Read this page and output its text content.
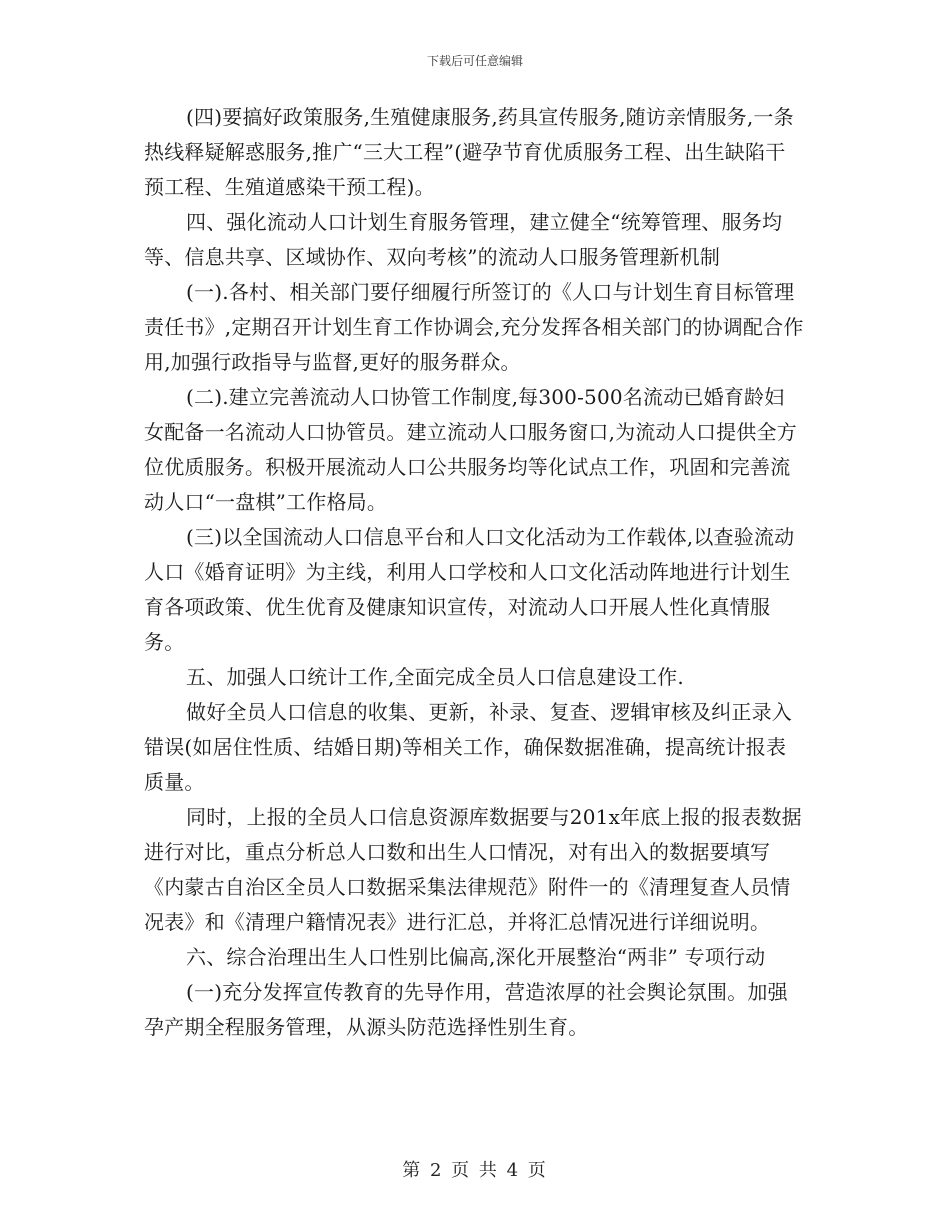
下载后可任意编辑

(四)要搞好政策服务,生殖健康服务,药具宣传服务,随访亲情服务,一条热线释疑解惑服务,推广“三大工程”(避孕节育优质服务工程、出生缺陷干预工程、生殖道感染干预工程)。

四、强化流动人口计划生育服务管理，建立健全“统筹管理、服务均等、信息共享、区域协作、双向考核”的流动人口服务管理新机制

(一).各村、相关部门要仔细履行所签订的《人口与计划生育目标管理责任书》,定期召开计划生育工作协调会,充分发挥各相关部门的协调配合作用,加强行政指导与监督,更好的服务群众。

(二).建立完善流动人口协管工作制度,每300-500名流动已婚育龄妇女配备一名流动人口协管员。建立流动人口服务窗口,为流动人口提供全方位优质服务。积极开展流动人口公共服务均等化试点工作，巩固和完善流动人口“一盘棋”工作格局。

(三)以全国流动人口信息平台和人口文化活动为工作载体,以查验流动人口《婚育证明》为主线，利用人口学校和人口文化活动阵地进行计划生育各项政策、优生优育及健康知识宣传，对流动人口开展人性化真情服务。

五、加强人口统计工作,全面完成全员人口信息建设工作.

做好全员人口信息的收集、更新，补录、复查、逻辑审核及纠正录入错误(如居住性质、结婚日期)等相关工作，确保数据准确，提高统计报表质量。

同时，上报的全员人口信息资源库数据要与201x年底上报的报表数据进行对比，重点分析总人口数和出生人口情况，对有出入的数据要填写《内蒙古自治区全员人口数据采集法律规范》附件一的《清理复查人员情况表》和《清理户籍情况表》进行汇总，并将汇总情况进行详细说明。

六、综合治理出生人口性别比偏高,深化开展整治“两非” 专项行动

(一)充分发挥宣传教育的先导作用，营造浓厚的社会舆论氛围。加强孕产期全程服务管理，从源头防范选择性别生育。

第 2 页 共 4 页
